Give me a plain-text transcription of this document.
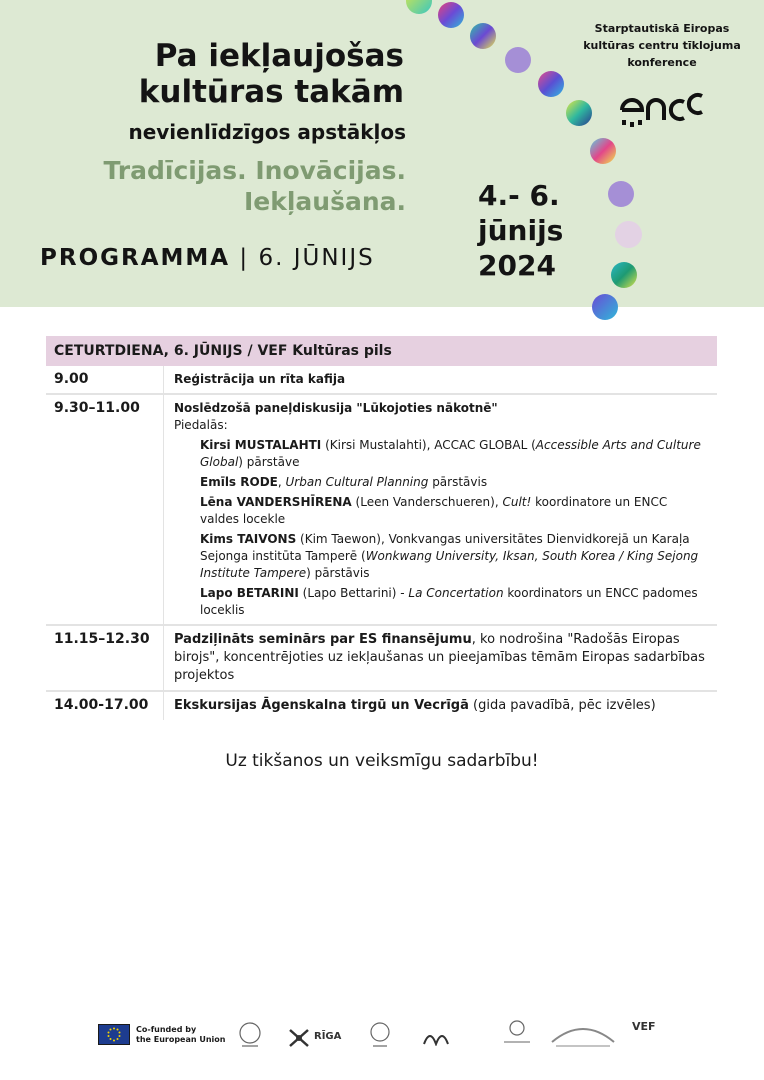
Pa iekļaujošas
kultūras takām
nevienlīdzīgos apstākļos
Tradīcijas. Inovācijas.
Iekļaušana.
PROGRAMMA | 6. JŪNIJS
4.- 6.
jūnijs
2024
Starptautiskā Eiropas
kultūras centru tīklojuma
konference
CETURTDIENA, 6. JŪNIJS / VEF Kultūras pils
9.00	Reģistrācija un rīta kafija
9.30–11.00	Noslēdzošā paneļdiskusija "Lūkojoties nākotnē"
Piedalās:
Kirsi MUSTALAHTI (Kirsi Mustalahti), ACCAC GLOBAL (Accessible Arts and Culture Global) pārstāve
Emīls RODE, Urban Cultural Planning pārstāvis
Lēna VANDERSHĪRENA (Leen Vanderschueren), Cult! koordinatore un ENCC valdes locekle
Kims TAIVONS (Kim Taewon), Vonkvangas universitātes Dienvidkorejā un Karaļa Sejonga institūta Tamperē (Wonkwang University, Iksan, South Korea / King Sejong Institute Tampere) pārstāvis
Lapo BETARINI (Lapo Bettarini) - La Concertation koordinators un ENCC padomes loceklis
11.15–12.30	Padziļināts seminārs par ES finansējumu, ko nodrošina "Radošās Eiropas birojs", koncentrējoties uz iekļaušanas un pieejamības tēmām Eiropas sadarbības projektos
14.00-17.00	Ekskursijas Āgenskalna tirgū un Vecrīgā (gida pavadībā, pēc izvēles)
Uz tikšanos un veiksmīgu sadarbību!
Co-funded by
the European Union	RĪGA
VEF
